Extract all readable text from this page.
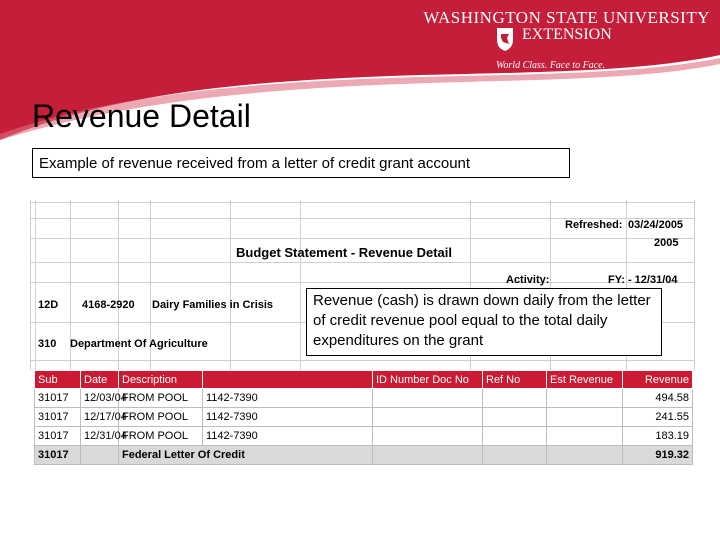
WASHINGTON STATE UNIVERSITY
EXTENSION
World Class. Face to Face.
Revenue Detail
Example of revenue received from a letter of credit grant account
Refreshed: 03/24/2005
Budget Statement - Revenue Detail
2005
Activity:	FY: - 12/31/04
12D 4168-2920 Dairy Families in Crisis
310 Department Of Agriculture
Revenue (cash) is drawn down daily from the letter of credit revenue pool equal to the total daily expenditures on the grant
Sub	Date	Description		ID Number Doc No	Ref No	Est Revenue	Revenue
31017	12/03/04	FROM POOL	1142-7390				494.58
31017	12/17/04	FROM POOL	1142-7390				241.55
31017	12/31/04	FROM POOL	1142-7390				183.19
31017		Federal Letter Of Credit					919.32
